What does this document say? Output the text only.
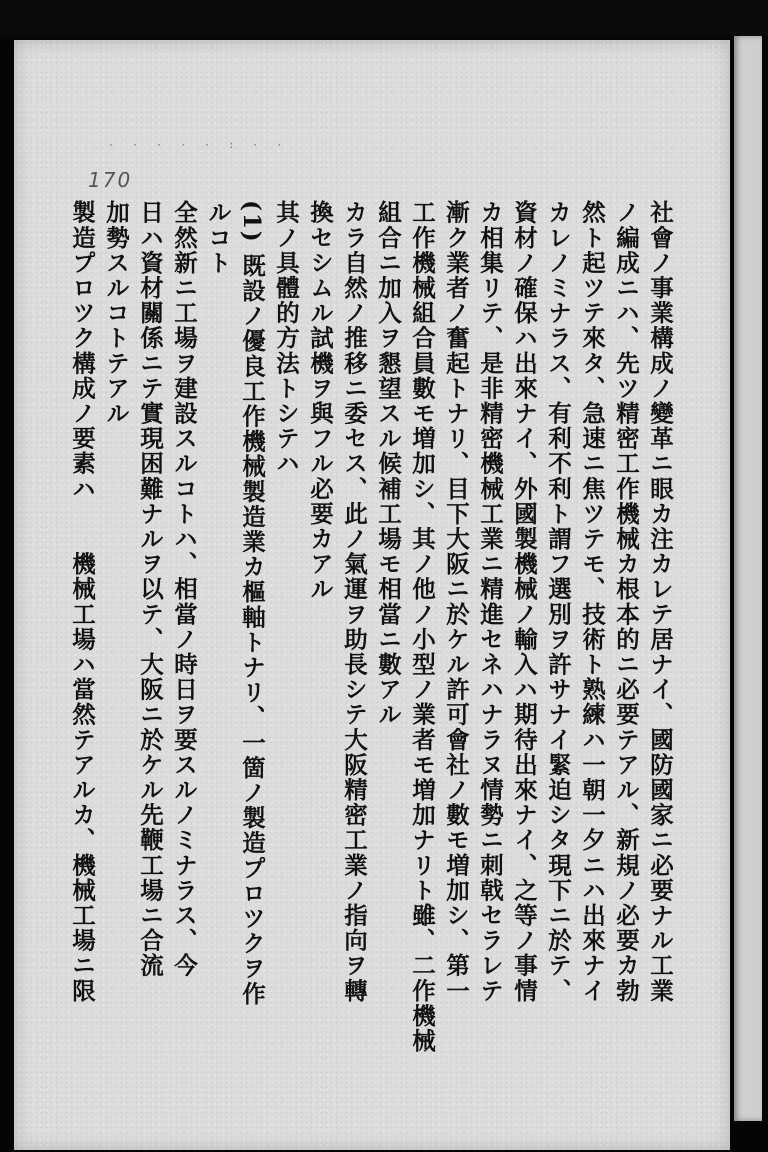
· · · · · : · ·
170
社會ノ事業構成ノ變革ニ眼カ注カレテ居ナイ、國防國家ニ必要ナル工業
ノ編成ニハ、先ツ精密工作機械カ根本的ニ必要テアル、新規ノ必要カ勃
然ト起ツテ來タ、急速ニ焦ツテモ、技術ト熟練ハ一朝一夕ニハ出來ナイ
カレノミナラス、有利不利ト謂フ選別ヲ許サナイ緊迫シタ現下ニ於テ、
資材ノ確保ハ出來ナイ、外國製機械ノ輸入ハ期待出來ナイ、之等ノ事情
カ相集リテ、是非精密機械工業ニ精進セネハナラヌ情勢ニ刺戟セラレテ
漸ク業者ノ奮起トナリ、目下大阪ニ於ケル許可會社ノ數モ増加シ、第一
工作機械組合員數モ増加シ、其ノ他ノ小型ノ業者モ増加ナリト雖、二作機械
組合ニ加入ヲ懇望スル候補工場モ相當ニ數アル
カラ自然ノ推移ニ委セス、此ノ氣運ヲ助長シテ大阪精密工業ノ指向ヲ轉
換セシムル試機ヲ與フル必要カアル
其ノ具體的方法トシテハ
(1) 既設ノ優良工作機械製造業カ樞軸トナリ、一箇ノ製造プロツクヲ作
ルコト
全然新ニ工場ヲ建設スルコトハ、相當ノ時日ヲ要スルノミナラス、今
日ハ資材關係ニテ實現困難ナルヲ以テ、大阪ニ於ケル先鞭工場ニ合流
加勢スルコトテアル
製造プロツク構成ノ要素ハ　　機械工場ハ當然テアルカ、機械工場ニ限
